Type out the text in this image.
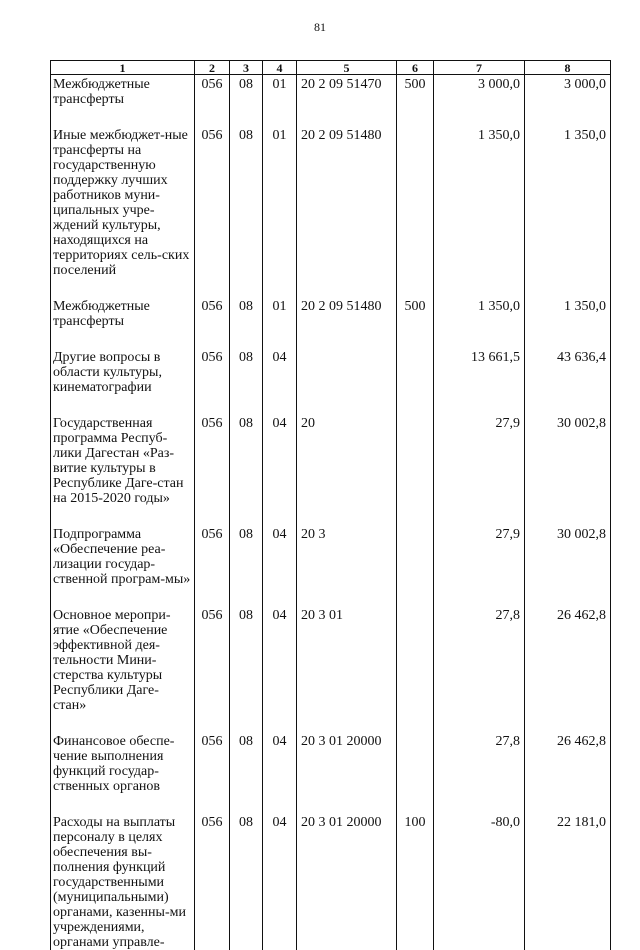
81
1	2	3	4	5	6	7	8
Межбюджетные трансферты	056	08	01	20 2 09 51470	500	3 000,0	3 000,0
Иные межбюджет-ные трансферты на государственную поддержку лучших работников муни-ципальных учре-ждений культуры, находящихся на территориях сель-ских поселений	056	08	01	20 2 09 51480		1 350,0	1 350,0
Межбюджетные трансферты	056	08	01	20 2 09 51480	500	1 350,0	1 350,0
Другие вопросы в области культуры, кинематографии	056	08	04			13 661,5	43 636,4
Государственная программа Респуб-лики Дагестан «Раз-витие культуры в Республике Даге-стан на 2015-2020 годы»	056	08	04	20		27,9	30 002,8
Подпрограмма «Обеспечение реа-лизации государ-ственной програм-мы»	056	08	04	20 3		27,9	30 002,8
Основное меропри-ятие «Обеспечение эффективной дея-тельности Мини-стерства культуры Республики Даге-стан»	056	08	04	20 3 01		27,8	26 462,8
Финансовое обеспе-чение выполнения функций государ-ственных органов	056	08	04	20 3 01 20000		27,8	26 462,8
Расходы на выплаты персоналу в целях обеспечения вы-полнения функций государственными (муниципальными) органами, казенны-ми учреждениями, органами управле-	056	08	04	20 3 01 20000	100	-80,0	22 181,0
